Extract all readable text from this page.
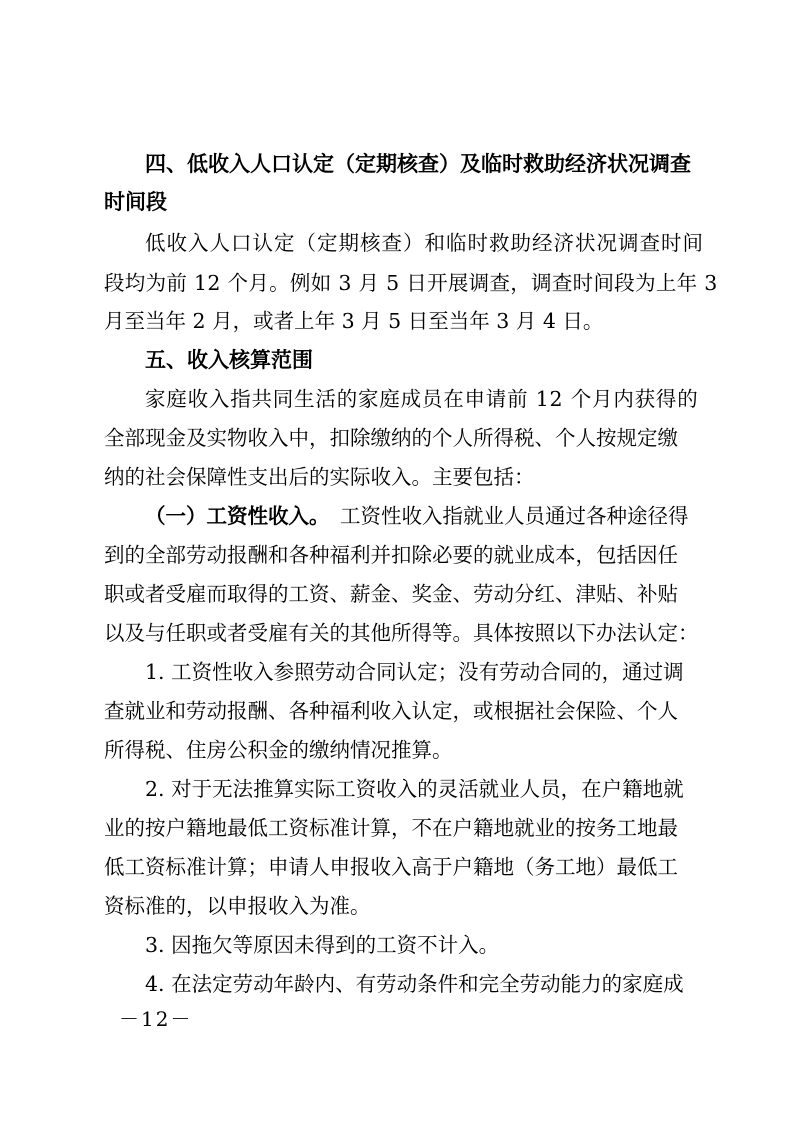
四、低收入人口认定（定期核查）及临时救助经济状况调查
时间段
低收入人口认定（定期核查）和临时救助经济状况调查时间
段均为前 12 个月。例如 3 月 5 日开展调查，调查时间段为上年 3
月至当年 2 月，或者上年 3 月 5 日至当年 3 月 4 日。
五、收入核算范围
家庭收入指共同生活的家庭成员在申请前 12 个月内获得的
全部现金及实物收入中，扣除缴纳的个人所得税、个人按规定缴
纳的社会保障性支出后的实际收入。主要包括：
（一）工资性收入。 工资性收入指就业人员通过各种途径得
到的全部劳动报酬和各种福利并扣除必要的就业成本，包括因任
职或者受雇而取得的工资、薪金、奖金、劳动分红、津贴、补贴
以及与任职或者受雇有关的其他所得等。具体按照以下办法认定：
1. 工资性收入参照劳动合同认定；没有劳动合同的，通过调
查就业和劳动报酬、各种福利收入认定，或根据社会保险、个人
所得税、住房公积金的缴纳情况推算。
2. 对于无法推算实际工资收入的灵活就业人员，在户籍地就
业的按户籍地最低工资标准计算，不在户籍地就业的按务工地最
低工资标准计算；申请人申报收入高于户籍地（务工地）最低工
资标准的，以申报收入为准。
3. 因拖欠等原因未得到的工资不计入。
4. 在法定劳动年龄内、有劳动条件和完全劳动能力的家庭成
－12－
